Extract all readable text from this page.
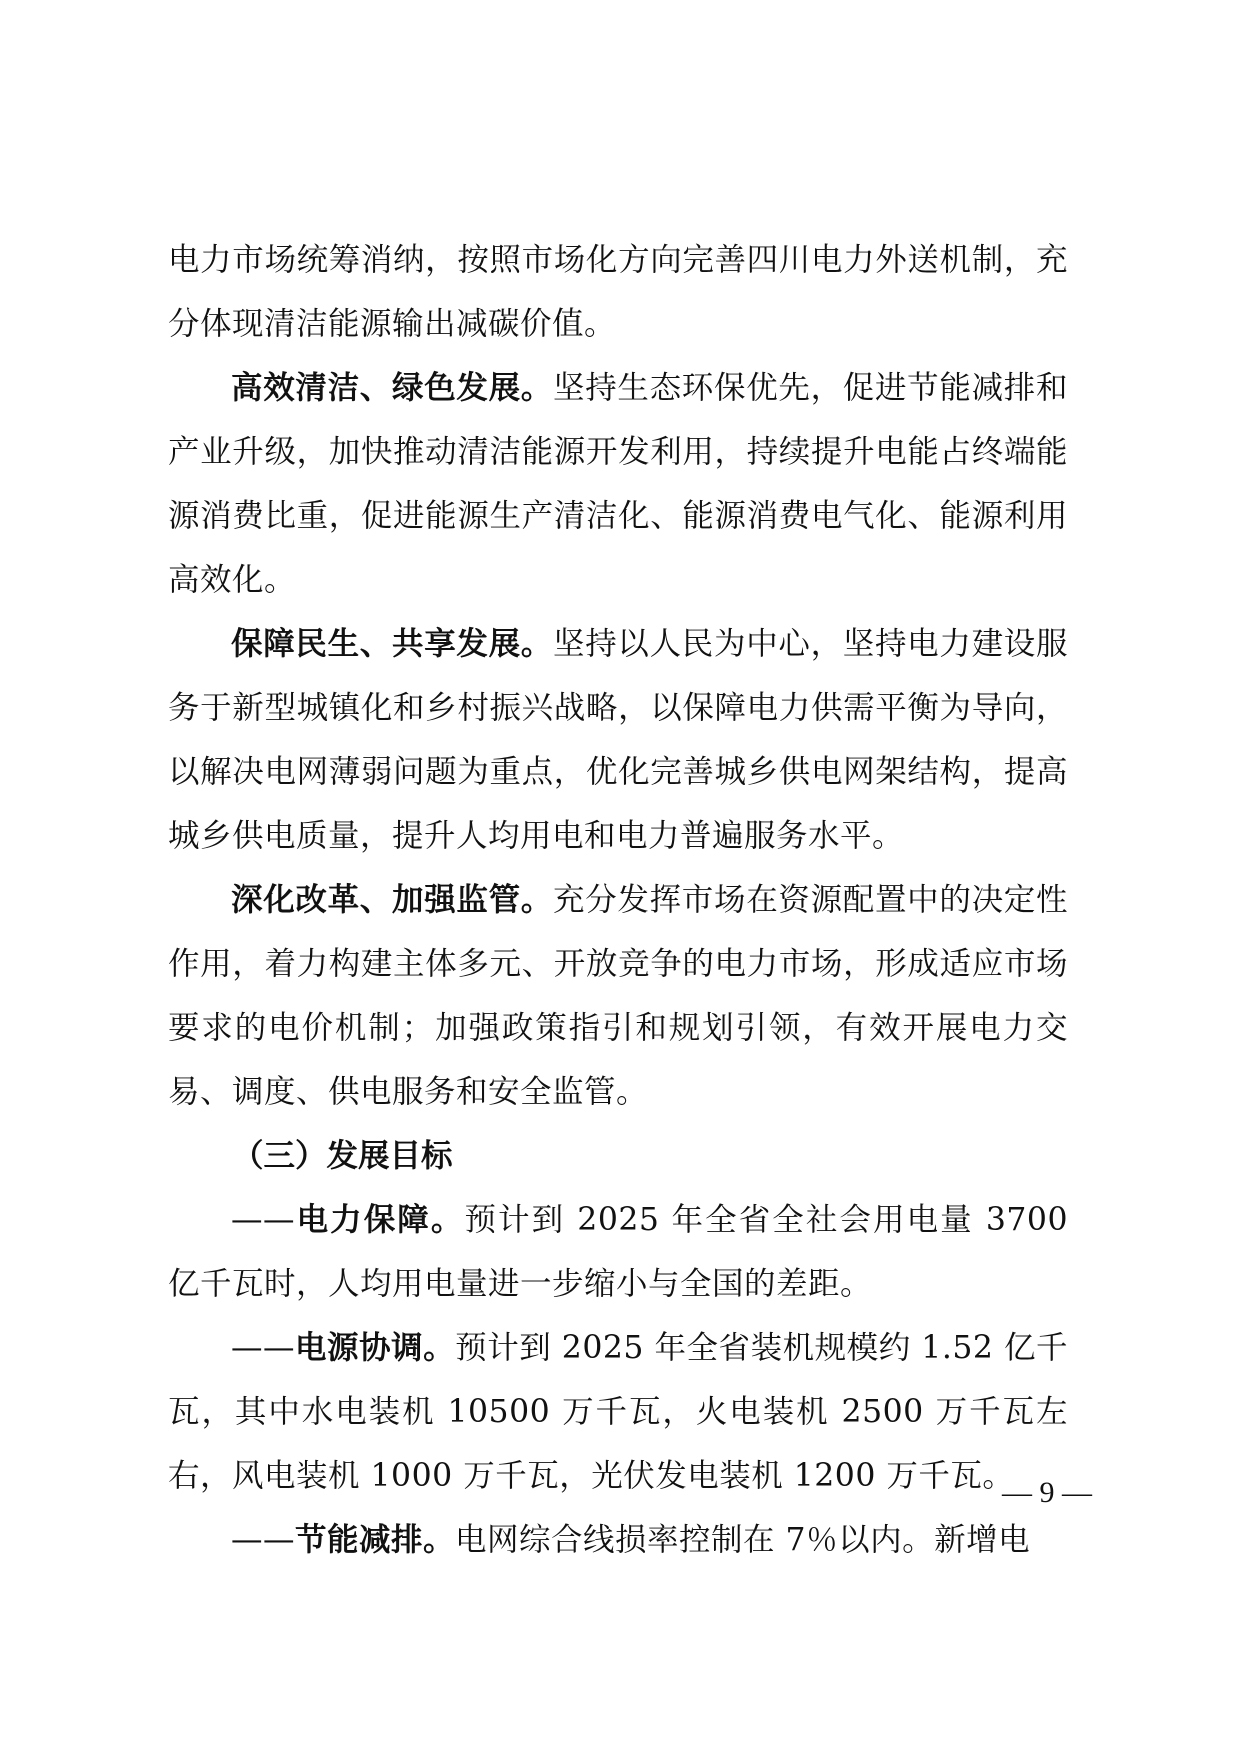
电力市场统筹消纳，按照市场化方向完善四川电力外送机制，充分体现清洁能源输出减碳价值。

高效清洁、绿色发展。坚持生态环保优先，促进节能减排和产业升级，加快推动清洁能源开发利用，持续提升电能占终端能源消费比重，促进能源生产清洁化、能源消费电气化、能源利用高效化。

保障民生、共享发展。坚持以人民为中心，坚持电力建设服务于新型城镇化和乡村振兴战略，以保障电力供需平衡为导向，以解决电网薄弱问题为重点，优化完善城乡供电网架结构，提高城乡供电质量，提升人均用电和电力普遍服务水平。

深化改革、加强监管。充分发挥市场在资源配置中的决定性作用，着力构建主体多元、开放竞争的电力市场，形成适应市场要求的电价机制；加强政策指引和规划引领，有效开展电力交易、调度、供电服务和安全监管。

（三）发展目标

——电力保障。预计到 2025 年全省全社会用电量 3700 亿千瓦时，人均用电量进一步缩小与全国的差距。

——电源协调。预计到 2025 年全省装机规模约 1.52 亿千瓦，其中水电装机 10500 万千瓦，火电装机 2500 万千瓦左右，风电装机 1000 万千瓦，光伏发电装机 1200 万千瓦。

——节能减排。电网综合线损率控制在 7％以内。新增电

— 9 —
